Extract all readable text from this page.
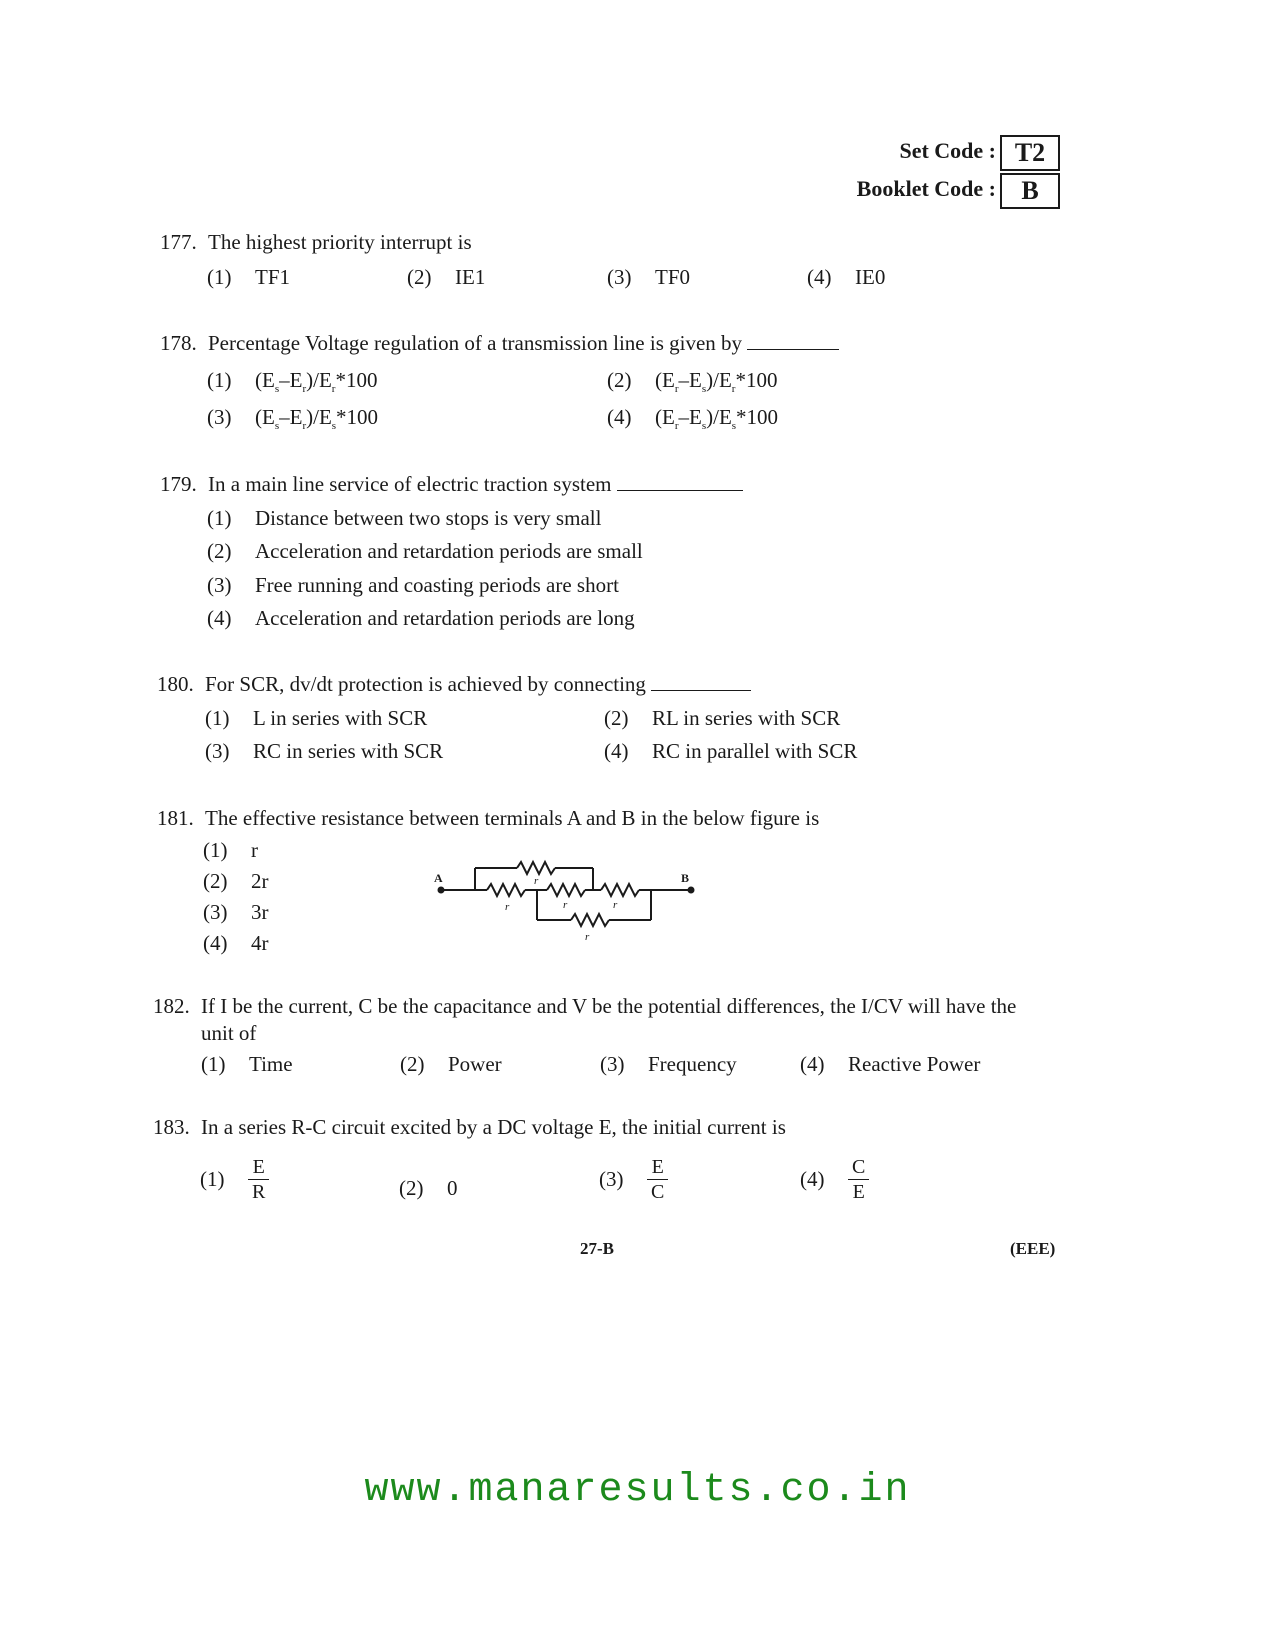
Set Code : T2
Booklet Code : B
177. The highest priority interrupt is
(1) TF1	(2) IE1	(3) TF0	(4) IE0
178. Percentage Voltage regulation of a transmission line is given by
(1) $(E_s-E_r)/E_r*100$	(2) $(E_r-E_s)/E_r*100$
(3) $(E_s-E_r)/E_s*100$	(4) $(E_r-E_s)/E_s*100$
179. In a main line service of electric traction system
(1) Distance between two stops is very small
(2) Acceleration and retardation periods are small
(3) Free running and coasting periods are short
(4) Acceleration and retardation periods are long
180. For SCR, dv/dt protection is achieved by connecting
(1) L in series with SCR	(2) RL in series with SCR
(3) RC in series with SCR	(4) RC in parallel with SCR
181. The effective resistance between terminals A and B in the below figure is
(1) r
(2) 2r
(3) 3r
(4) 4r
A	B
r
r	r	r
r
182. If I be the current, C be the capacitance and V be the potential differences, the I/CV will have the
unit of
(1) Time	(2) Power	(3) Frequency	(4) Reactive Power
183. In a series R-C circuit excited by a DC voltage E, the initial current is
$(1) \frac{E}{R}$	(2) 0	$(3) \frac{E}{C}$	$(4) \frac{C}{E}$
27-B	(EEE)
www.manaresults.co.in
